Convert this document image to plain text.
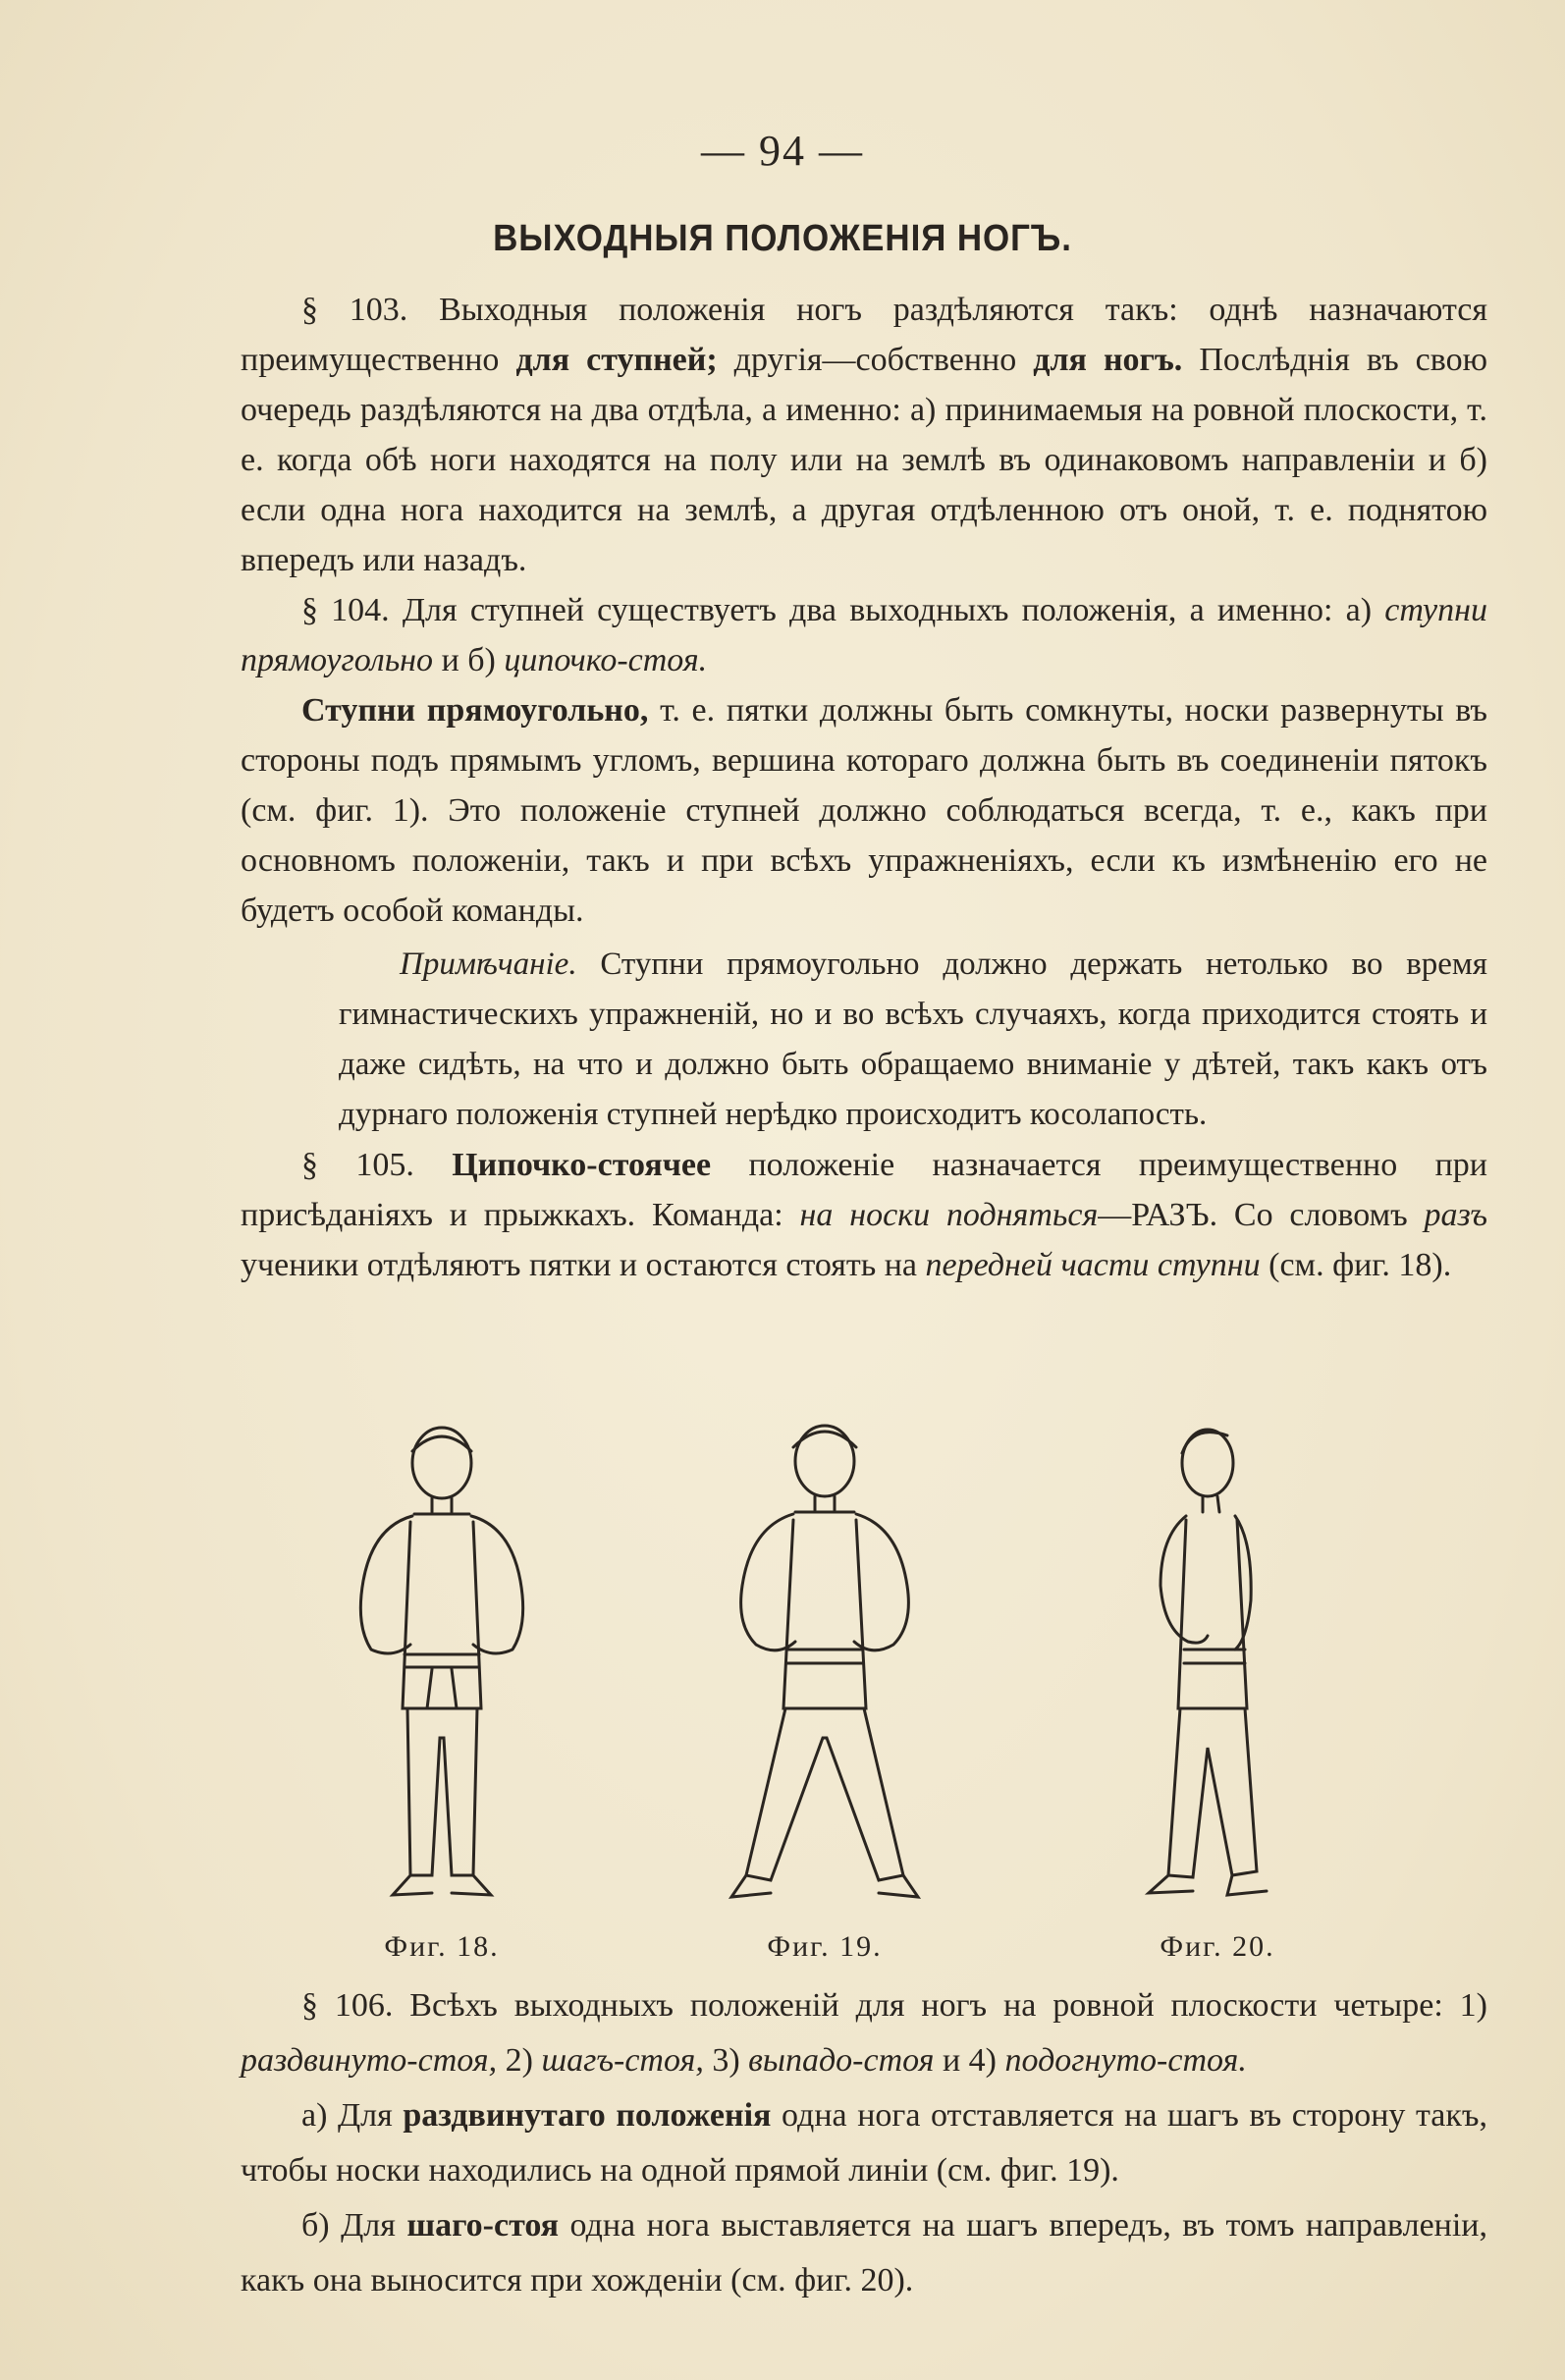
— 94 —
ВЫХОДНЫЯ ПОЛОЖЕНІЯ НОГЪ.

§ 103. Выходныя положенія ногъ раздѣляются такъ: однѣ назначаются преимущественно для ступней; другія—собственно для ногъ. Послѣднія въ свою очередь раздѣляются на два отдѣла, а именно: а) принимаемыя на ровной плоскости, т. е. когда обѣ ноги находятся на полу или на землѣ въ одинаковомъ направленіи и б) если одна нога находится на землѣ, а другая отдѣленною отъ оной, т. е. поднятою впередъ или назадъ.

§ 104. Для ступней существуетъ два выходныхъ положенія, а именно: а) ступни прямоугольно и б) ципочко-стоя.

Ступни прямоугольно, т. е. пятки должны быть сомкнуты, носки развернуты въ стороны подъ прямымъ угломъ, вершина котораго должна быть въ соединеніи пятокъ (см. фиг. 1). Это положеніе ступней должно соблюдаться всегда, т. е., какъ при основномъ положеніи, такъ и при всѣхъ упражненіяхъ, если къ измѣненію его не будетъ особой команды.

Примѣчаніе. Ступни прямоугольно должно держать нетолько во время гимнастическихъ упражненій, но и во всѣхъ случаяхъ, когда приходится стоять и даже сидѣть, на что и должно быть обращаемо вниманіе у дѣтей, такъ какъ отъ дурнаго положенія ступней нерѣдко происходитъ косолапость.

§ 105. Ципочко-стоячее положеніе назначается преимущественно при присѣданіяхъ и прыжкахъ. Команда: на носки подняться—РАЗЪ. Со словомъ разъ ученики отдѣляютъ пятки и остаются стоять на передней части ступни (см. фиг. 18).

Фиг. 18.	Фиг. 19.	Фиг. 20.

§ 106. Всѣхъ выходныхъ положеній для ногъ на ровной плоскости четыре: 1) раздвинуто-стоя, 2) шагъ-стоя, 3) выпадо-стоя и 4) подогнуто-стоя.

а) Для раздвинутаго положенія одна нога отставляется на шагъ въ сторону такъ, чтобы носки находились на одной прямой линіи (см. фиг. 19).

б) Для шаго-стоя одна нога выставляется на шагъ впередъ, въ томъ направленіи, какъ она выносится при хожденіи (см. фиг. 20).
